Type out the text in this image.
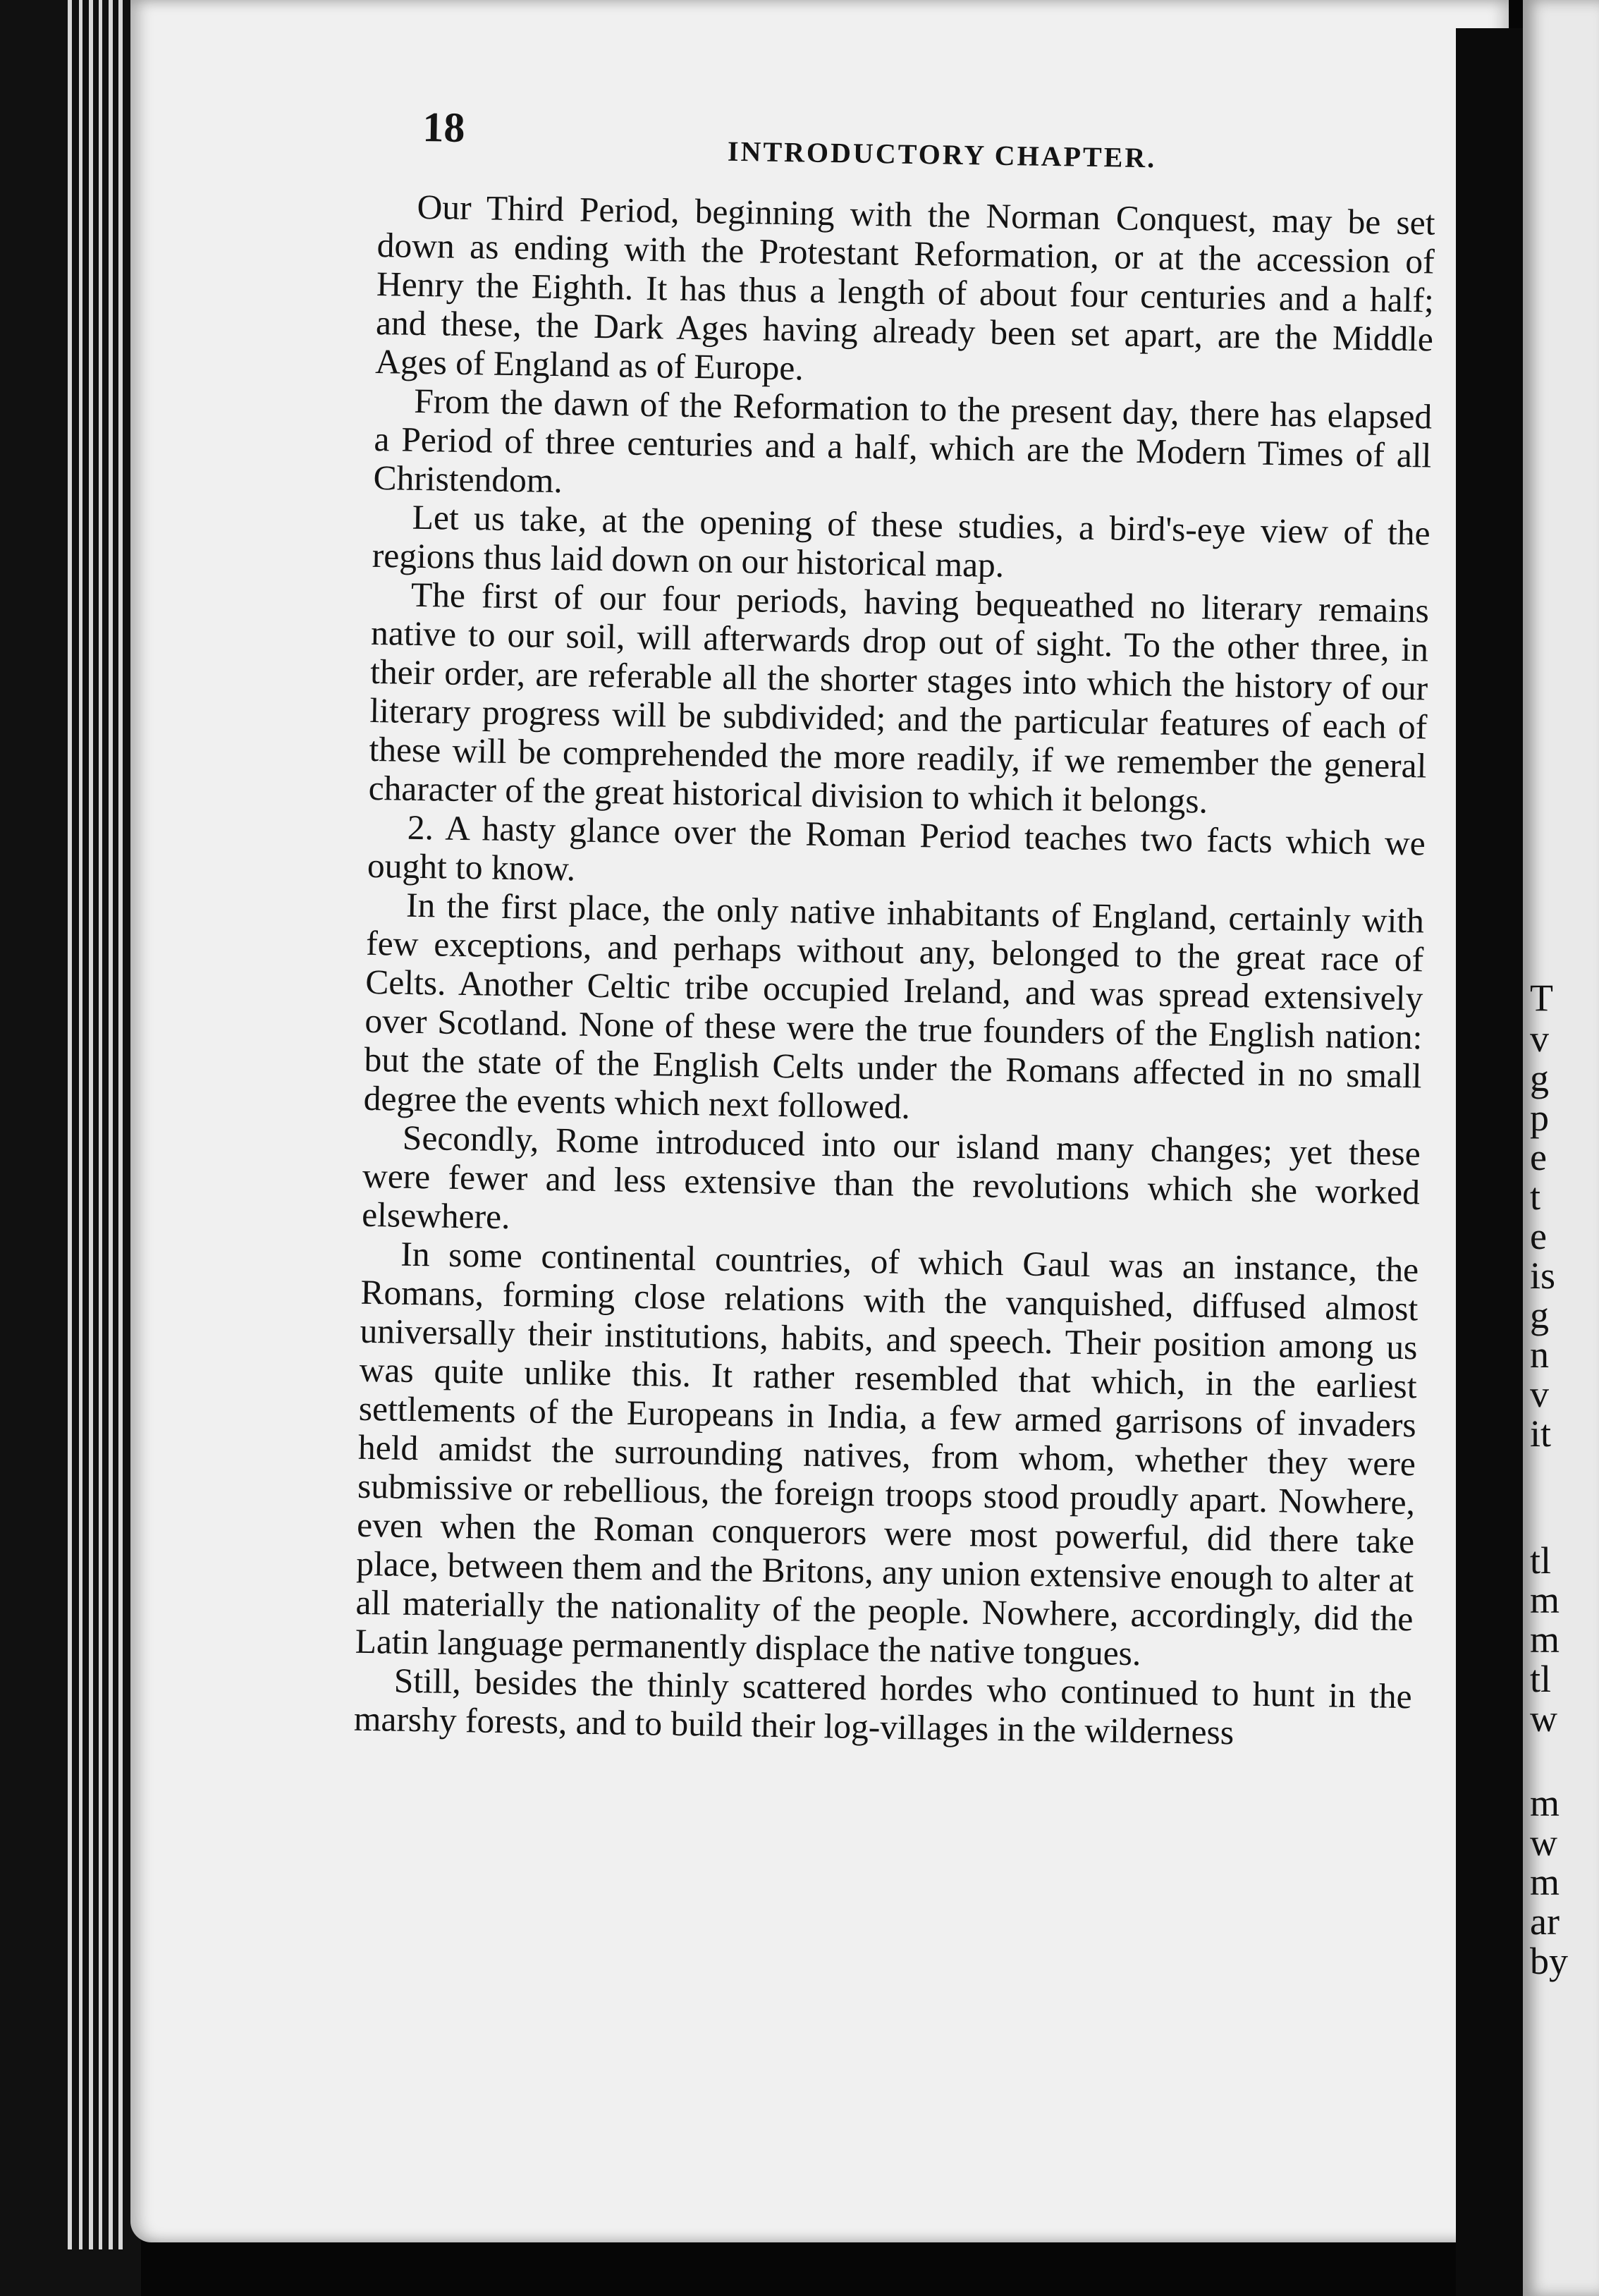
T
v
g
p
e
t
e
is
g
n
v
it
tl
m
m
tl
w
m
w
m
ar
by
18
INTRODUCTORY CHAPTER.

Our Third Period, beginning with the Norman Conquest, may be set down as ending with the Protestant Reformation, or at the accession of Henry the Eighth. It has thus a length of about four centuries and a half; and these, the Dark Ages having already been set apart, are the Middle Ages of England as of Europe.

From the dawn of the Reformation to the present day, there has elapsed a Period of three centuries and a half, which are the Modern Times of all Christendom.

Let us take, at the opening of these studies, a bird's-eye view of the regions thus laid down on our historical map.

The first of our four periods, having bequeathed no literary remains native to our soil, will afterwards drop out of sight. To the other three, in their order, are referable all the shorter stages into which the history of our literary progress will be subdivided; and the particular features of each of these will be comprehended the more readily, if we remember the general character of the great historical division to which it belongs.

2. A hasty glance over the Roman Period teaches two facts which we ought to know.

In the first place, the only native inhabitants of England, certainly with few exceptions, and perhaps without any, belonged to the great race of Celts. Another Celtic tribe occupied Ireland, and was spread extensively over Scotland. None of these were the true founders of the English nation: but the state of the English Celts under the Romans affected in no small degree the events which next followed.

Secondly, Rome introduced into our island many changes; yet these were fewer and less extensive than the revolutions which she worked elsewhere.

In some continental countries, of which Gaul was an instance, the Romans, forming close relations with the vanquished, diffused almost universally their institutions, habits, and speech. Their position among us was quite unlike this. It rather resembled that which, in the earliest settlements of the Europeans in India, a few armed garrisons of invaders held amidst the surrounding natives, from whom, whether they were submissive or rebellious, the foreign troops stood proudly apart. Nowhere, even when the Roman conquerors were most powerful, did there take place, between them and the Britons, any union extensive enough to alter at all materially the nationality of the people. Nowhere, accordingly, did the Latin language permanently displace the native tongues.

Still, besides the thinly scattered hordes who continued to hunt in the marshy forests, and to build their log-villages in the wilderness
